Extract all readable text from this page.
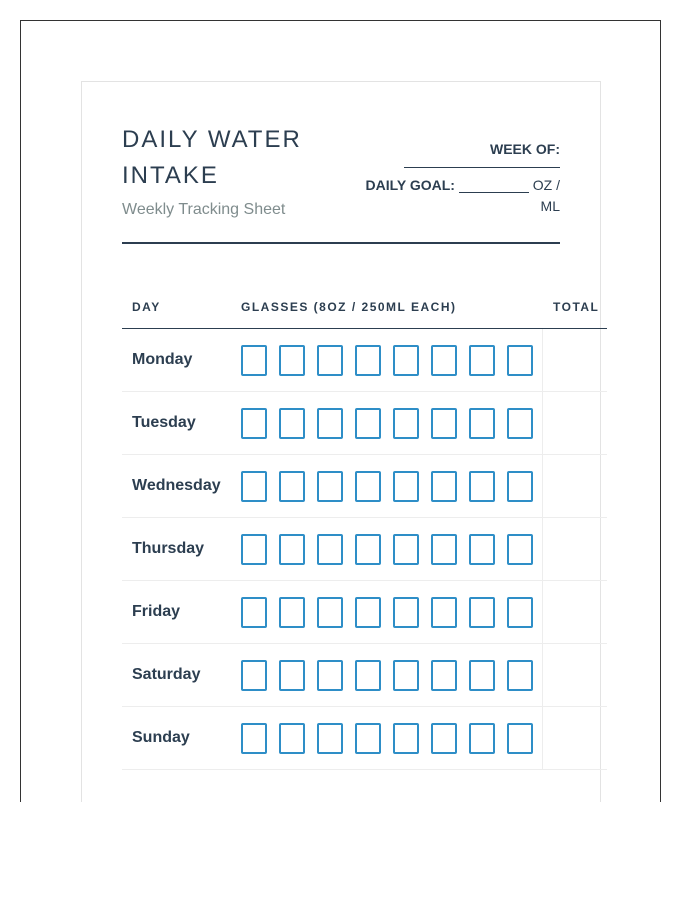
DAILY WATER INTAKE
Weekly Tracking Sheet
WEEK OF:
DAILY GOAL:	OZ / ML
DAY	GLASSES (8OZ / 250ML EACH)	TOTAL
Monday
Tuesday
Wednesday
Thursday
Friday
Saturday
Sunday
